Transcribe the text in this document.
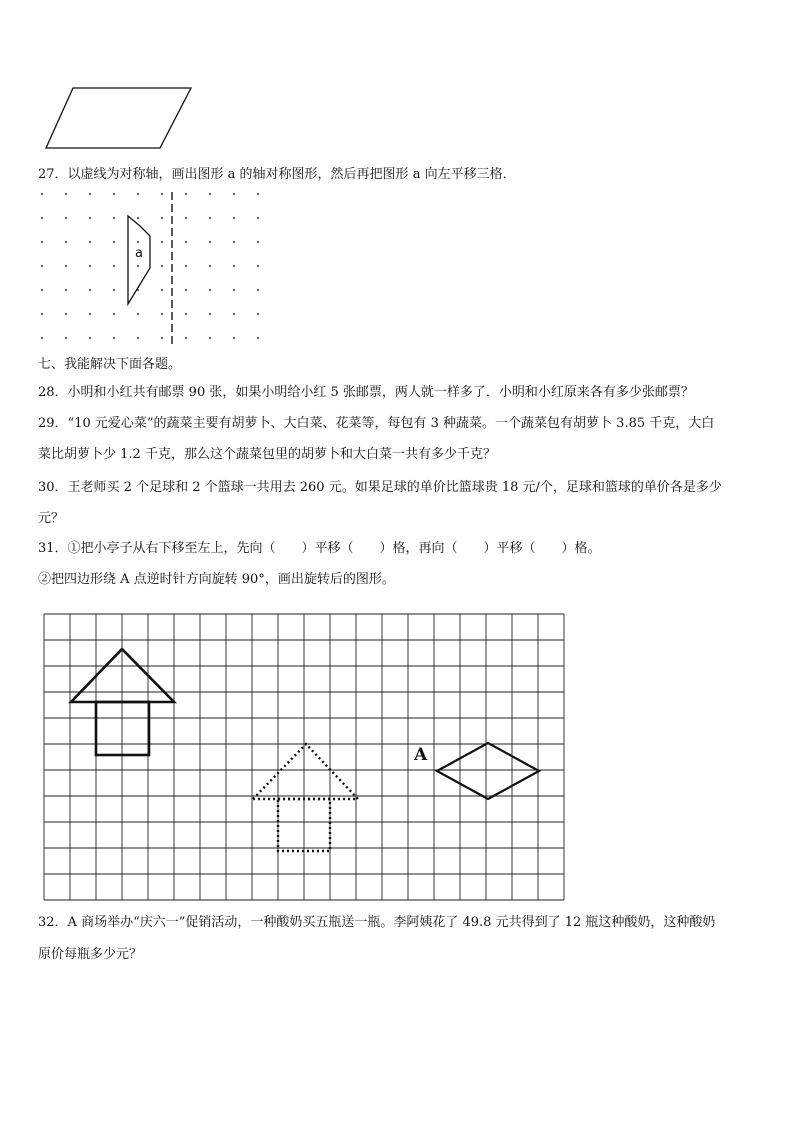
27．以虚线为对称轴，画出图形 a 的轴对称图形，然后再把图形 a 向左平移三格．
a
七、我能解决下面各题。
28．小明和小红共有邮票 90 张，如果小明给小红 5 张邮票，两人就一样多了．小明和小红原来各有多少张邮票？
29．“10 元爱心菜”的蔬菜主要有胡萝卜、大白菜、花菜等，每包有 3 种蔬菜。一个蔬菜包有胡萝卜 3.85 千克，大白
菜比胡萝卜少 1.2 千克，那么这个蔬菜包里的胡萝卜和大白菜一共有多少千克？
30．王老师买 2 个足球和 2 个篮球一共用去 260 元。如果足球的单价比篮球贵 18 元/个，足球和篮球的单价各是多少
元？
31．①把小亭子从右下移至左上，先向（　　）平移（　　）格，再向（　　）平移（　　）格。
②把四边形绕 A 点逆时针方向旋转 90°，画出旋转后的图形。
A
32．A 商场举办“庆六一”促销活动，一种酸奶买五瓶送一瓶。李阿姨花了 49.8 元共得到了 12 瓶这种酸奶，这种酸奶
原价每瓶多少元？
